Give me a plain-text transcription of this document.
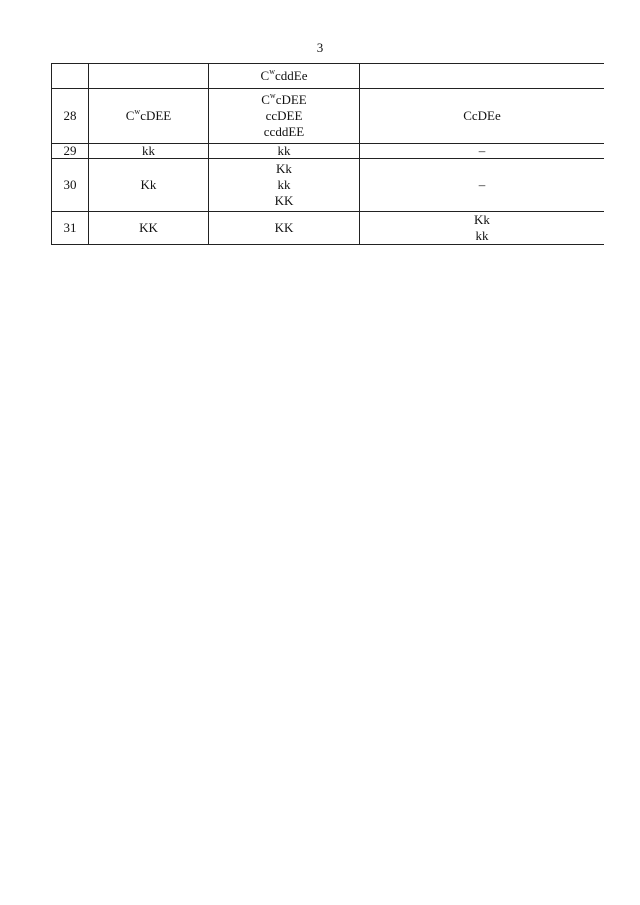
3

		$C^wcddEe$	

28	$C^wcDEE$	$C^wcDEE$
ccDEE
ccddEE	CcDEe
29	kk	kk	–
30	Kk	Kk
kk
KK	–
31	KK	KK	Kk
kk
